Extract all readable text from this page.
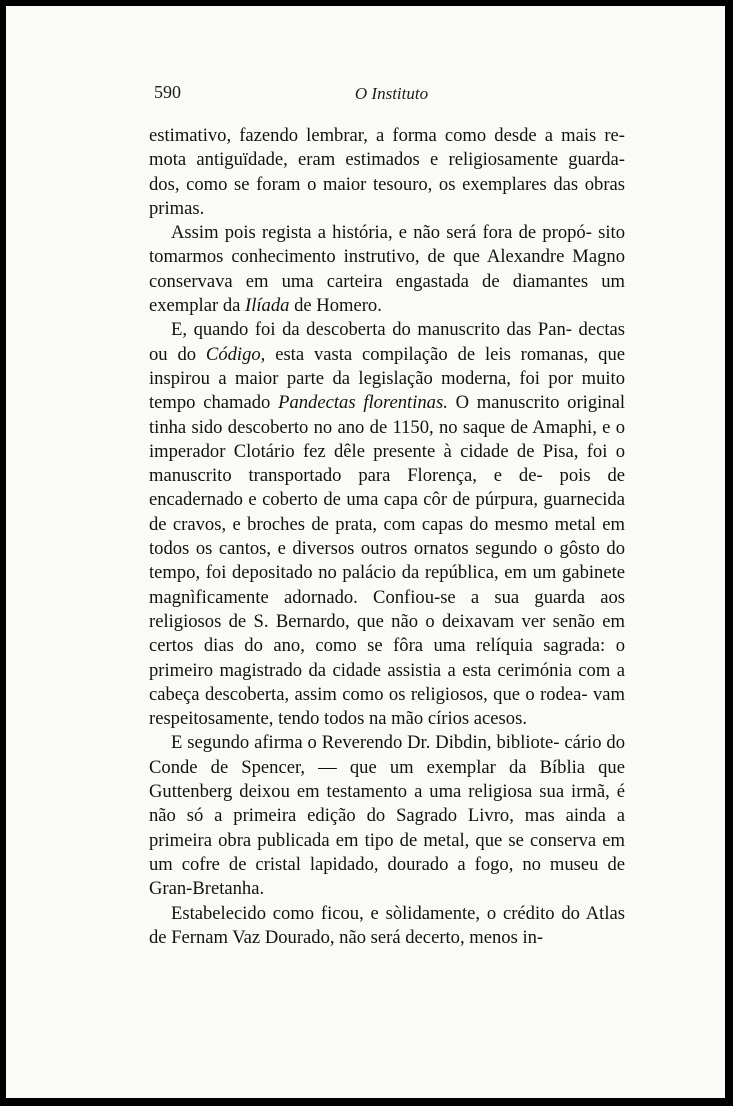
590	O Instituto

estimativo, fazendo lembrar, a forma como desde a mais re- mota antiguïdade, eram estimados e religiosamente guarda- dos, como se foram o maior tesouro, os exemplares das obras primas.

Assim pois regista a história, e não será fora de propó- sito tomarmos conhecimento instrutivo, de que Alexandre Magno conservava em uma carteira engastada de diamantes um exemplar da Ilíada de Homero.

E, quando foi da descoberta do manuscrito das Pan- dectas ou do Código, esta vasta compilação de leis romanas, que inspirou a maior parte da legislação moderna, foi por muito tempo chamado Pandectas florentinas. O manuscrito original tinha sido descoberto no ano de 1150, no saque de Amaphi, e o imperador Clotário fez dêle presente à cidade de Pisa, foi o manuscrito transportado para Florença, e de- pois de encadernado e coberto de uma capa côr de púrpura, guarnecida de cravos, e broches de prata, com capas do mesmo metal em todos os cantos, e diversos outros ornatos segundo o gôsto do tempo, foi depositado no palácio da república, em um gabinete magnìficamente adornado. Confiou-se a sua guarda aos religiosos de S. Bernardo, que não o deixavam ver senão em certos dias do ano, como se fôra uma relíquia sagrada: o primeiro magistrado da cidade assistia a esta cerimónia com a cabeça descoberta, assim como os religiosos, que o rodea- vam respeitosamente, tendo todos na mão círios acesos.

E segundo afirma o Reverendo Dr. Dibdin, bibliote- cário do Conde de Spencer, — que um exemplar da Bíblia que Guttenberg deixou em testamento a uma religiosa sua irmã, é não só a primeira edição do Sagrado Livro, mas ainda a primeira obra publicada em tipo de metal, que se conserva em um cofre de cristal lapidado, dourado a fogo, no museu de Gran-Bretanha.

Estabelecido como ficou, e sòlidamente, o crédito do Atlas de Fernam Vaz Dourado, não será decerto, menos in-
